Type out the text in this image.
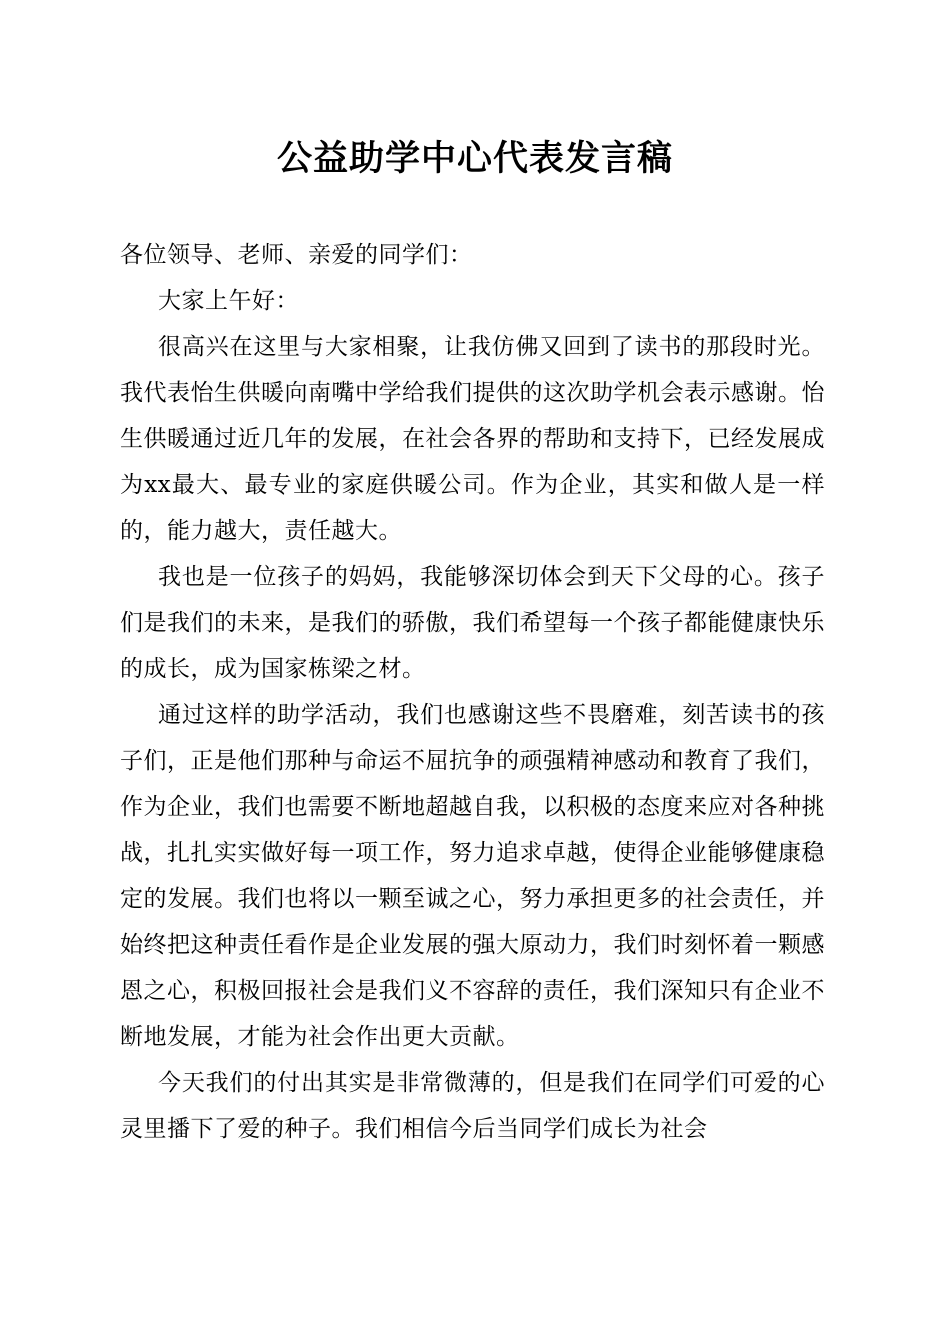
公益助学中心代表发言稿

各位领导、老师、亲爱的同学们：

大家上午好：

很高兴在这里与大家相聚，让我仿佛又回到了读书的那段时光。我代表怡生供暖向南嘴中学给我们提供的这次助学机会表示感谢。怡生供暖通过近几年的发展，在社会各界的帮助和支持下，已经发展成为xx最大、最专业的家庭供暖公司。作为企业，其实和做人是一样的，能力越大，责任越大。

我也是一位孩子的妈妈，我能够深切体会到天下父母的心。孩子们是我们的未来，是我们的骄傲，我们希望每一个孩子都能健康快乐的成长，成为国家栋梁之材。

通过这样的助学活动，我们也感谢这些不畏磨难，刻苦读书的孩子们，正是他们那种与命运不屈抗争的顽强精神感动和教育了我们，作为企业，我们也需要不断地超越自我，以积极的态度来应对各种挑战，扎扎实实做好每一项工作，努力追求卓越，使得企业能够健康稳定的发展。我们也将以一颗至诚之心，努力承担更多的社会责任，并始终把这种责任看作是企业发展的强大原动力，我们时刻怀着一颗感恩之心，积极回报社会是我们义不容辞的责任，我们深知只有企业不断地发展，才能为社会作出更大贡献。

今天我们的付出其实是非常微薄的，但是我们在同学们可爱的心灵里播下了爱的种子。我们相信今后当同学们成长为社会
